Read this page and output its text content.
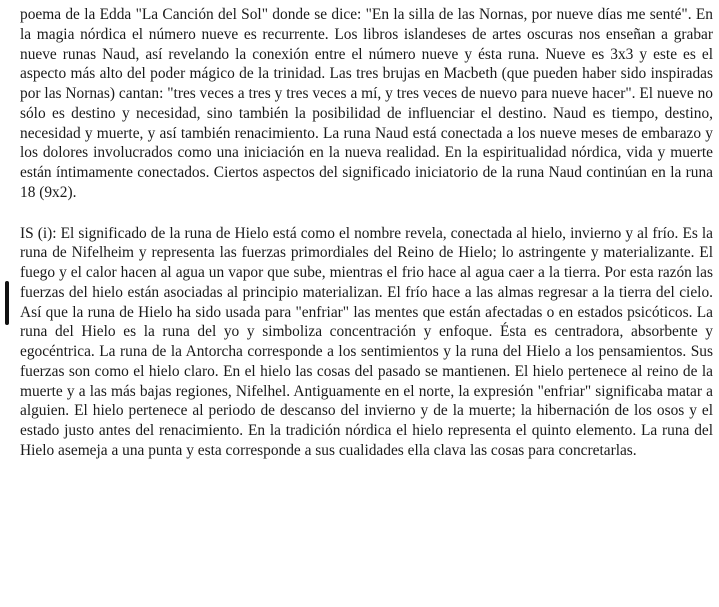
poema de la Edda "La Canción del Sol" donde se dice: "En la silla de las Nornas, por nueve días me senté". En la magia nórdica el número nueve es recurrente. Los libros islandeses de artes oscuras nos enseñan a grabar nueve runas Naud, así revelando la conexión entre el número nueve y ésta runa. Nueve es 3x3 y este es el aspecto más alto del poder mágico de la trinidad. Las tres brujas en Macbeth (que pueden haber sido inspiradas por las Nornas) cantan: "tres veces a tres y tres veces a mí, y tres veces de nuevo para nueve hacer". El nueve no sólo es destino y necesidad, sino también la posibilidad de influenciar el destino. Naud es tiempo, destino, necesidad y muerte, y así también renacimiento. La runa Naud está conectada a los nueve meses de embarazo y los dolores involucrados como una iniciación en la nueva realidad. En la espiritualidad nórdica, vida y muerte están íntimamente conectados. Ciertos aspectos del significado iniciatorio de la runa Naud continúan en la runa 18 (9x2).

IS (i): El significado de la runa de Hielo está como el nombre revela, conectada al hielo, invierno y al frío. Es la runa de Nifelheim y representa las fuerzas primordiales del Reino de Hielo; lo astringente y materializante. El fuego y el calor hacen al agua un vapor que sube, mientras el frio hace al agua caer a la tierra. Por esta razón las fuerzas del hielo están asociadas al principio materializan. El frío hace a las almas regresar a la tierra del cielo. Así que la runa de Hielo ha sido usada para "enfriar" las mentes que están afectadas o en estados psicóticos. La runa del Hielo es la runa del yo y simboliza concentración y enfoque. Ésta es centradora, absorbente y egocéntrica. La runa de la Antorcha corresponde a los sentimientos y la runa del Hielo a los pensamientos. Sus fuerzas son como el hielo claro. En el hielo las cosas del pasado se mantienen. El hielo pertenece al reino de la muerte y a las más bajas regiones, Nifelhel. Antiguamente en el norte, la expresión "enfriar" significaba matar a alguien. El hielo pertenece al periodo de descanso del invierno y de la muerte; la hibernación de los osos y el estado justo antes del renacimiento. En la tradición nórdica el hielo representa el quinto elemento. La runa del Hielo asemeja a una punta y esta corresponde a sus cualidades ella clava las cosas para concretarlas.
